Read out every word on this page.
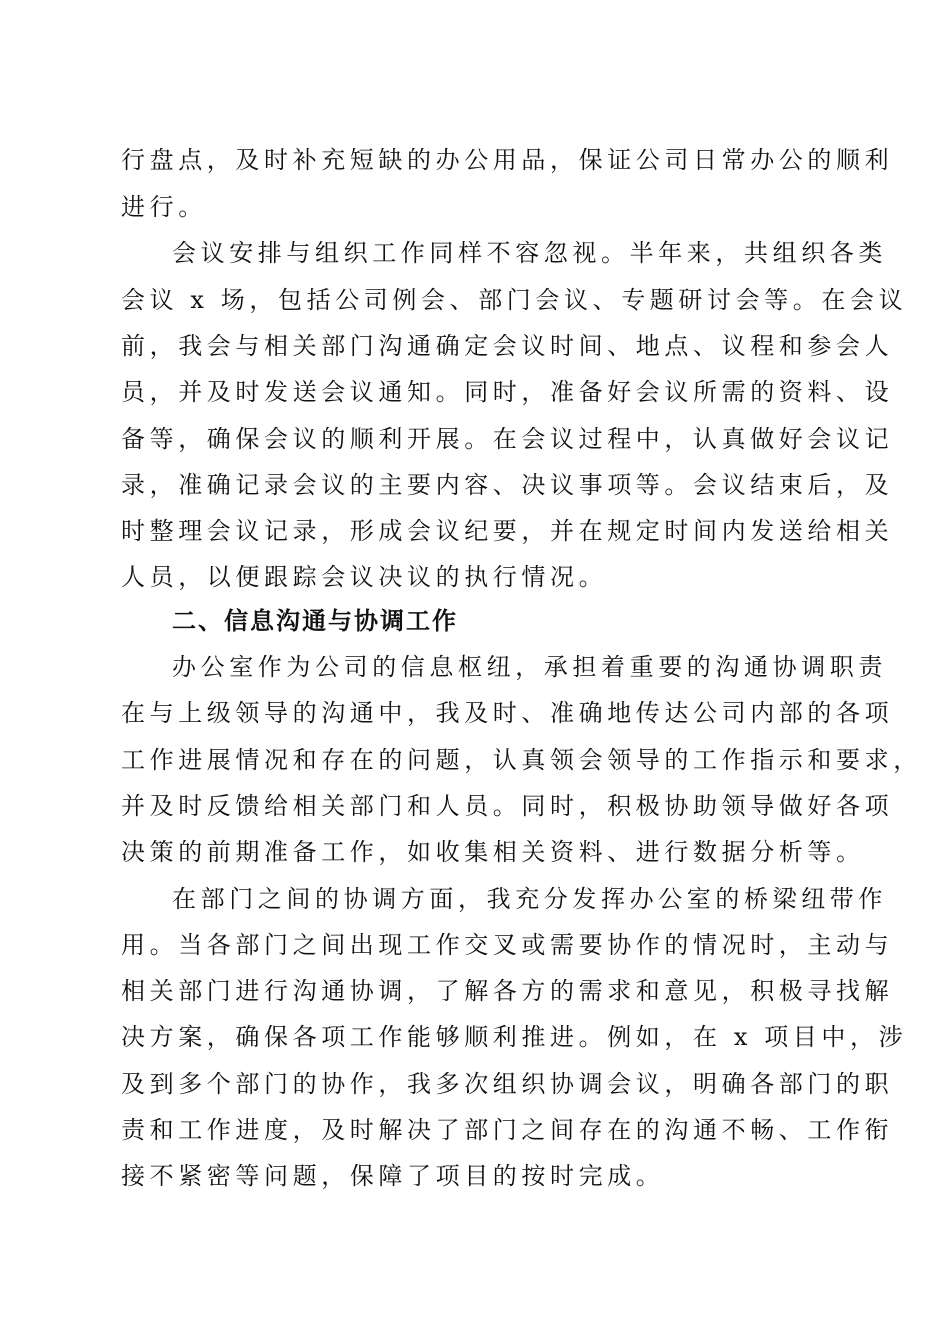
行盘点，及时补充短缺的办公用品，保证公司日常办公的顺利
进行。
会议安排与组织工作同样不容忽视。半年来，共组织各类
会议 x 场，包括公司例会、部门会议、专题研讨会等。在会议
前，我会与相关部门沟通确定会议时间、地点、议程和参会人
员，并及时发送会议通知。同时，准备好会议所需的资料、设
备等，确保会议的顺利开展。在会议过程中，认真做好会议记
录，准确记录会议的主要内容、决议事项等。会议结束后，及
时整理会议记录，形成会议纪要，并在规定时间内发送给相关
人员，以便跟踪会议决议的执行情况。
二、信息沟通与协调工作
办公室作为公司的信息枢纽，承担着重要的沟通协调职责
在与上级领导的沟通中，我及时、准确地传达公司内部的各项
工作进展情况和存在的问题，认真领会领导的工作指示和要求，
并及时反馈给相关部门和人员。同时，积极协助领导做好各项
决策的前期准备工作，如收集相关资料、进行数据分析等。
在部门之间的协调方面，我充分发挥办公室的桥梁纽带作
用。当各部门之间出现工作交叉或需要协作的情况时，主动与
相关部门进行沟通协调，了解各方的需求和意见，积极寻找解
决方案，确保各项工作能够顺利推进。例如，在 x 项目中，涉
及到多个部门的协作，我多次组织协调会议，明确各部门的职
责和工作进度，及时解决了部门之间存在的沟通不畅、工作衔
接不紧密等问题，保障了项目的按时完成。
